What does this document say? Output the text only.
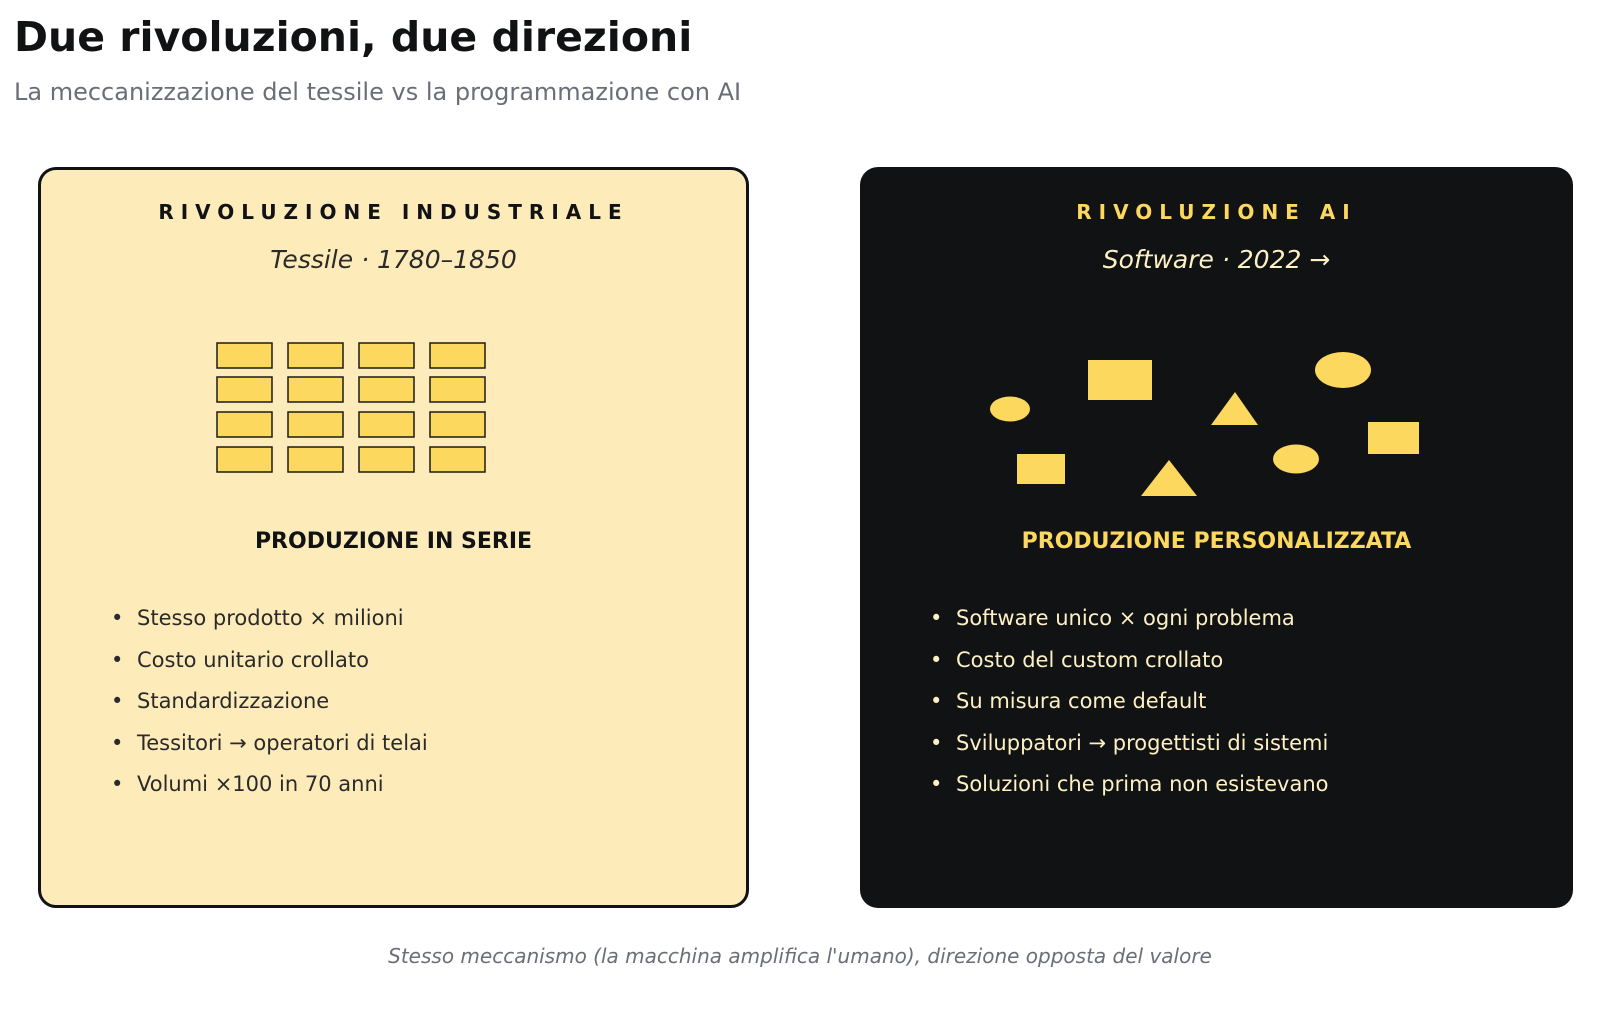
Due rivoluzioni, due direzioni
La meccanizzazione del tessile vs la programmazione con AI
RIVOLUZIONE INDUSTRIALE
Tessile · 1780–1850
PRODUZIONE IN SERIE
• Stesso prodotto × milioni
• Costo unitario crollato
• Standardizzazione
• Tessitori → operatori di telai
• Volumi ×100 in 70 anni
RIVOLUZIONE AI
Software · 2022 →
PRODUZIONE PERSONALIZZATA
• Software unico × ogni problema
• Costo del custom crollato
• Su misura come default
• Sviluppatori → progettisti di sistemi
• Soluzioni che prima non esistevano
Stesso meccanismo (la macchina amplifica l'umano), direzione opposta del valore
